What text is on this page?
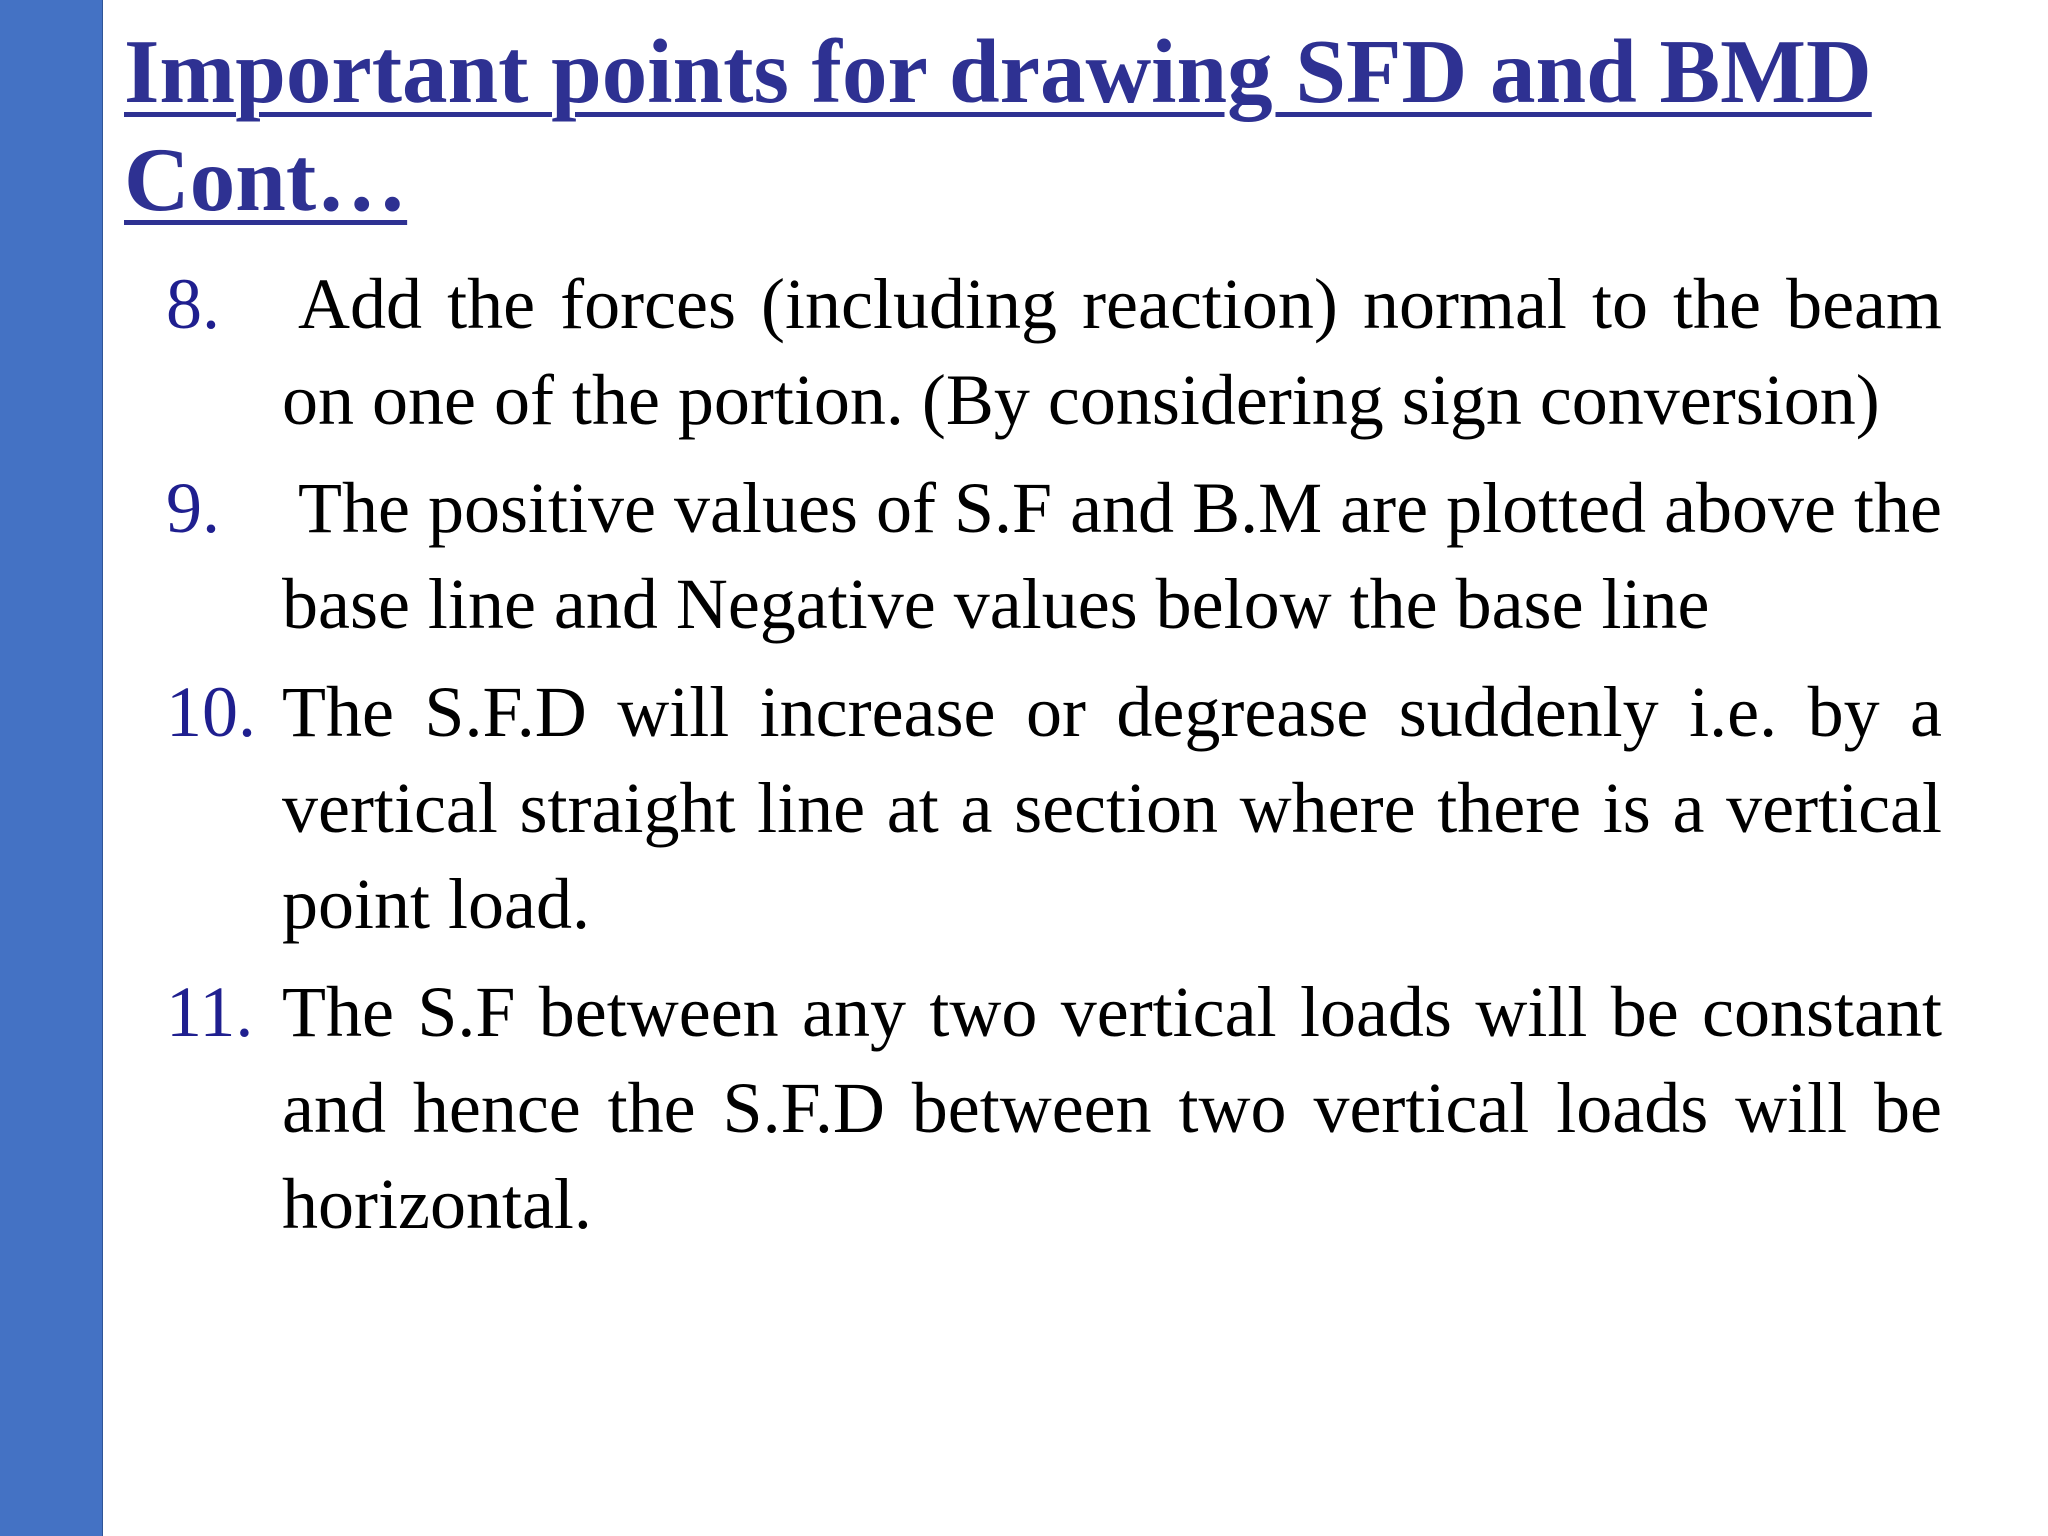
Important points for drawing SFD and BMD
Cont…
8. Add the forces (including reaction) normal to the beam on one of the portion. (By considering sign conversion)
9. The positive values of S.F and B.M are plotted above the base line and Negative values below the base line
10. The S.F.D will increase or degrease suddenly i.e. by a vertical straight line at a section where there is a vertical point load.
11. The S.F between any two vertical loads will be constant and hence the S.F.D between two vertical loads will be horizontal.
